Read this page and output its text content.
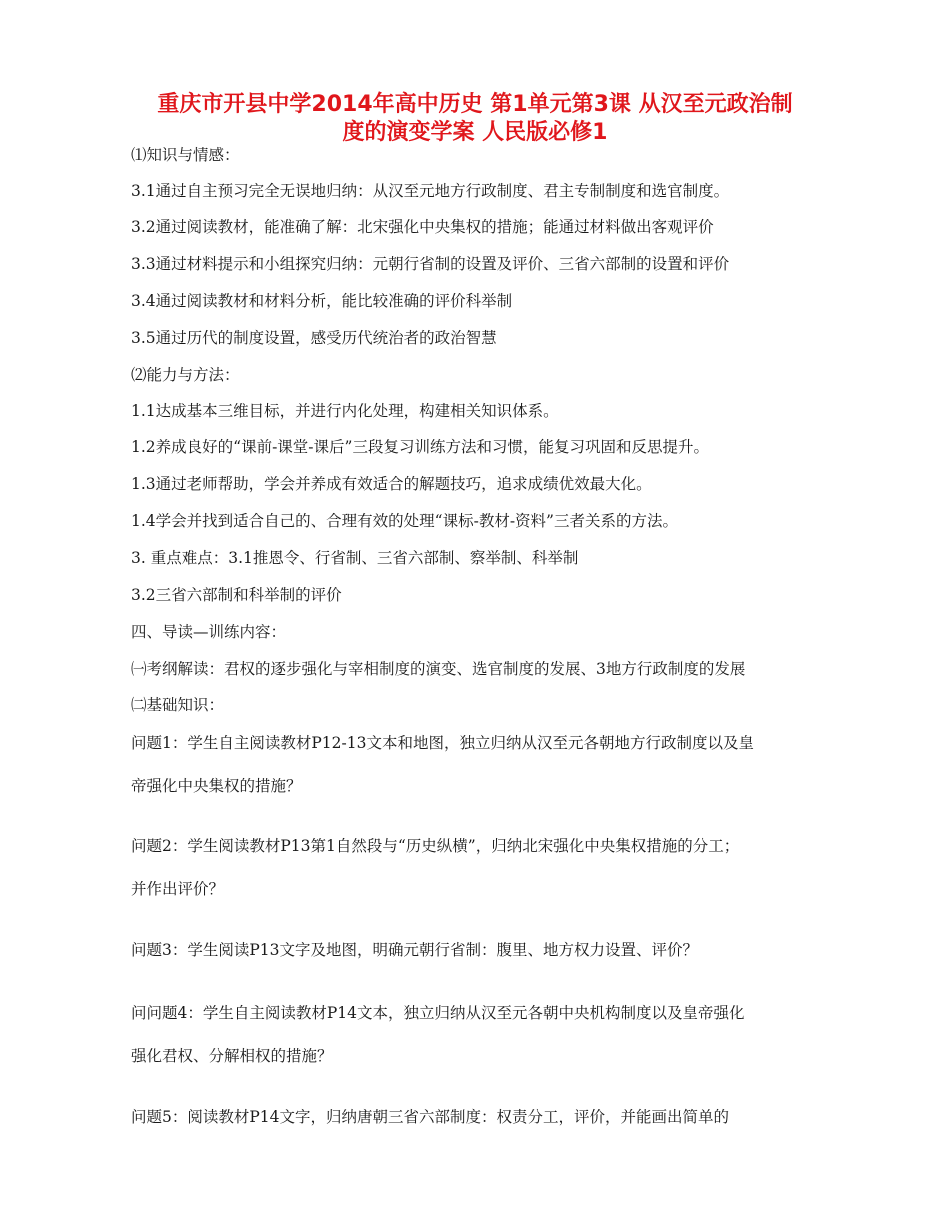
重庆市开县中学2014年高中历史 第1单元第3课 从汉至元政治制
度的演变学案 人民版必修1
⑴知识与情感：
3.1通过自主预习完全无误地归纳：从汉至元地方行政制度、君主专制制度和选官制度。
3.2通过阅读教材，能准确了解：北宋强化中央集权的措施；能通过材料做出客观评价
3.3通过材料提示和小组探究归纳：元朝行省制的设置及评价、三省六部制的设置和评价
3.4通过阅读教材和材料分析，能比较准确的评价科举制
3.5通过历代的制度设置，感受历代统治者的政治智慧
⑵能力与方法：
1.1达成基本三维目标，并进行内化处理，构建相关知识体系。
1.2养成良好的“课前-课堂-课后”三段复习训练方法和习惯，能复习巩固和反思提升。
1.3通过老师帮助，学会并养成有效适合的解题技巧，追求成绩优效最大化。
1.4学会并找到适合自己的、合理有效的处理“课标-教材-资料”三者关系的方法。
3. 重点难点：3.1推恩令、行省制、三省六部制、察举制、科举制
3.2三省六部制和科举制的评价
四、导读—训练内容：
㈠考纲解读：君权的逐步强化与宰相制度的演变、选官制度的发展、3地方行政制度的发展
㈡基础知识：
问题1：学生自主阅读教材P12-13文本和地图，独立归纳从汉至元各朝地方行政制度以及皇
帝强化中央集权的措施？
问题2：学生阅读教材P13第1自然段与“历史纵横”，归纳北宋强化中央集权措施的分工；
并作出评价？
问题3：学生阅读P13文字及地图，明确元朝行省制：腹里、地方权力设置、评价？
问问题4：学生自主阅读教材P14文本，独立归纳从汉至元各朝中央机构制度以及皇帝强化
强化君权、分解相权的措施？
问题5：阅读教材P14文字，归纳唐朝三省六部制度：权责分工，评价，并能画出简单的
